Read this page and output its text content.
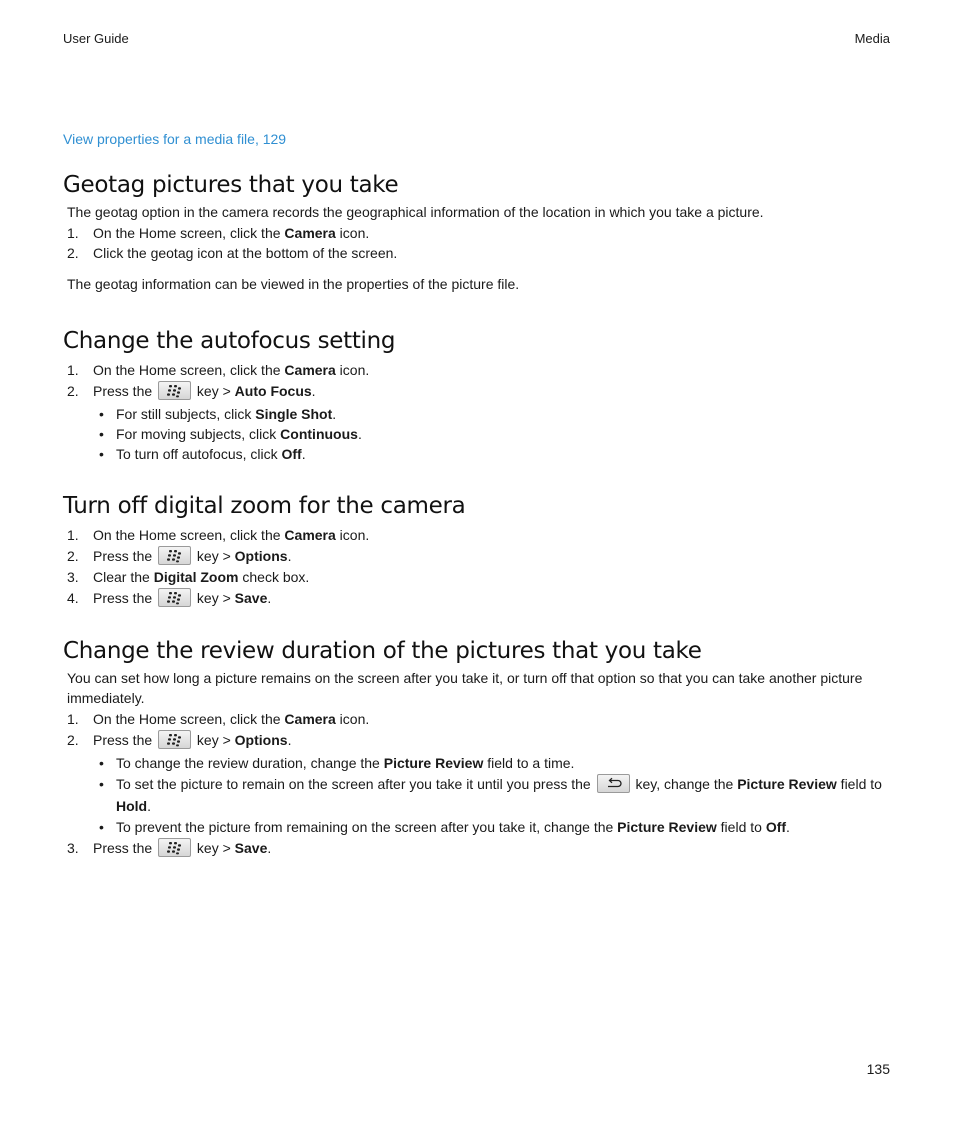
User Guide	Media
View properties for a media file, 129
Geotag pictures that you take

The geotag option in the camera records the geographical information of the location in which you take a picture.

1. On the Home screen, click the Camera icon.
2. Click the geotag icon at the bottom of the screen.

The geotag information can be viewed in the properties of the picture file.

Change the autofocus setting
1. On the Home screen, click the Camera icon.
2. Press the	key > Auto Focus.
• For still subjects, click Single Shot.
• For moving subjects, click Continuous.
• To turn off autofocus, click Off.
Turn off digital zoom for the camera
1. On the Home screen, click the Camera icon.
2. Press the	key > Options.
3. Clear the Digital Zoom check box.
4. Press the	key > Save.
Change the review duration of the pictures that you take

You can set how long a picture remains on the screen after you take it, or turn off that option so that you can take another picture immediately.

1. On the Home screen, click the Camera icon.
2. Press the	key > Options.
• To change the review duration, change the Picture Review field to a time.
• To set the picture to remain on the screen after you take it until you press the	key, change the Picture Review field to Hold.
• To prevent the picture from remaining on the screen after you take it, change the Picture Review field to Off.
3. Press the	key > Save.
135
